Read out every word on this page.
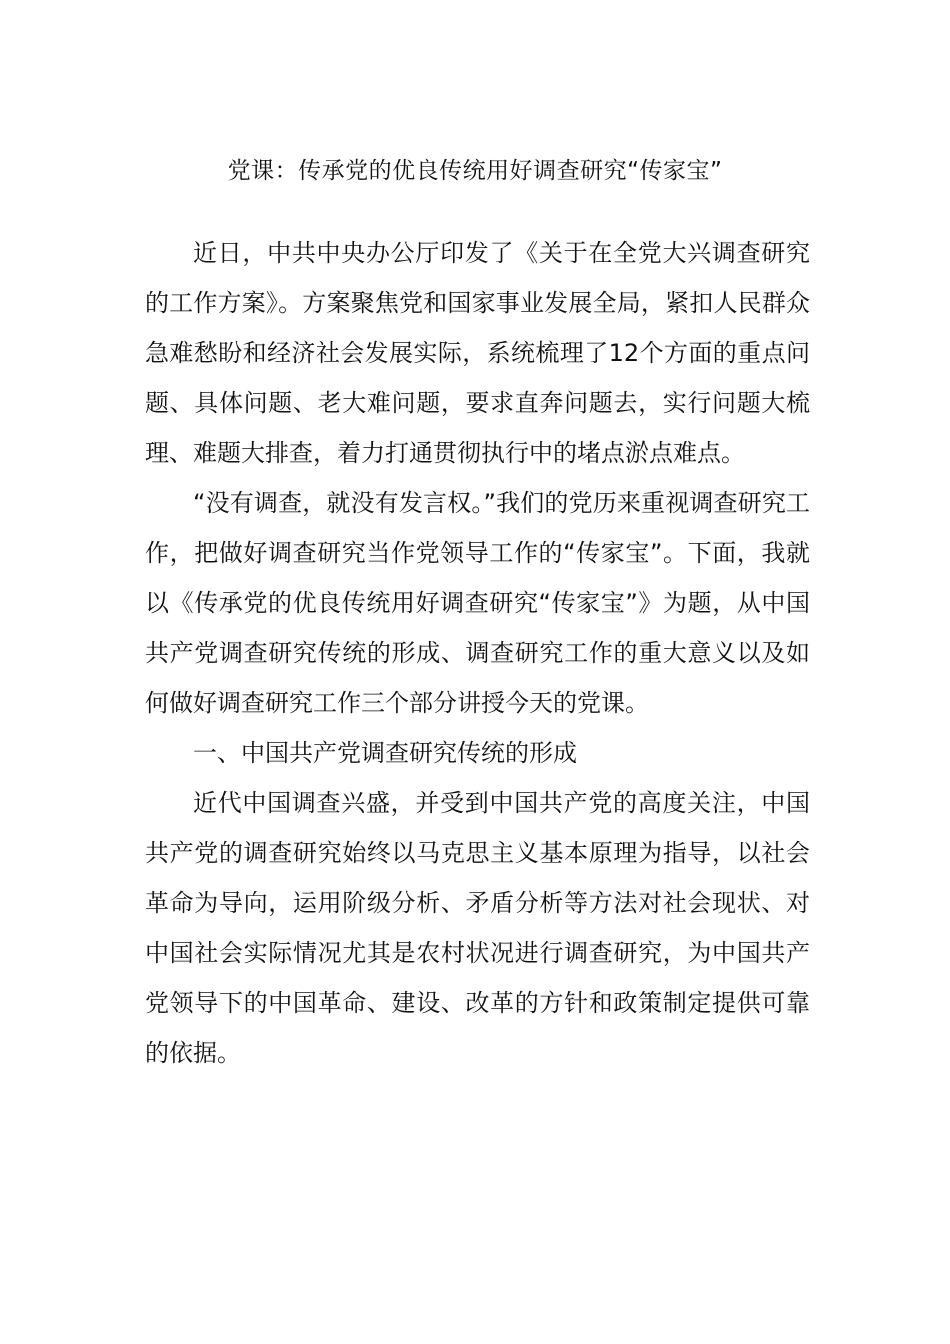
党课：传承党的优良传统用好调查研究“传家宝”

近日，中共中央办公厅印发了《关于在全党大兴调查研究的工作方案》。方案聚焦党和国家事业发展全局，紧扣人民群众急难愁盼和经济社会发展实际，系统梳理了12个方面的重点问题、具体问题、老大难问题，要求直奔问题去，实行问题大梳理、难题大排查，着力打通贯彻执行中的堵点淤点难点。

“没有调查，就没有发言权。”我们的党历来重视调查研究工作，把做好调查研究当作党领导工作的“传家宝”。下面，我就以《传承党的优良传统用好调查研究“传家宝”》为题，从中国共产党调查研究传统的形成、调查研究工作的重大意义以及如何做好调查研究工作三个部分讲授今天的党课。

一、中国共产党调查研究传统的形成

近代中国调查兴盛，并受到中国共产党的高度关注，中国共产党的调查研究始终以马克思主义基本原理为指导，以社会革命为导向，运用阶级分析、矛盾分析等方法对社会现状、对中国社会实际情况尤其是农村状况进行调查研究，为中国共产党领导下的中国革命、建设、改革的方针和政策制定提供可靠的依据。
